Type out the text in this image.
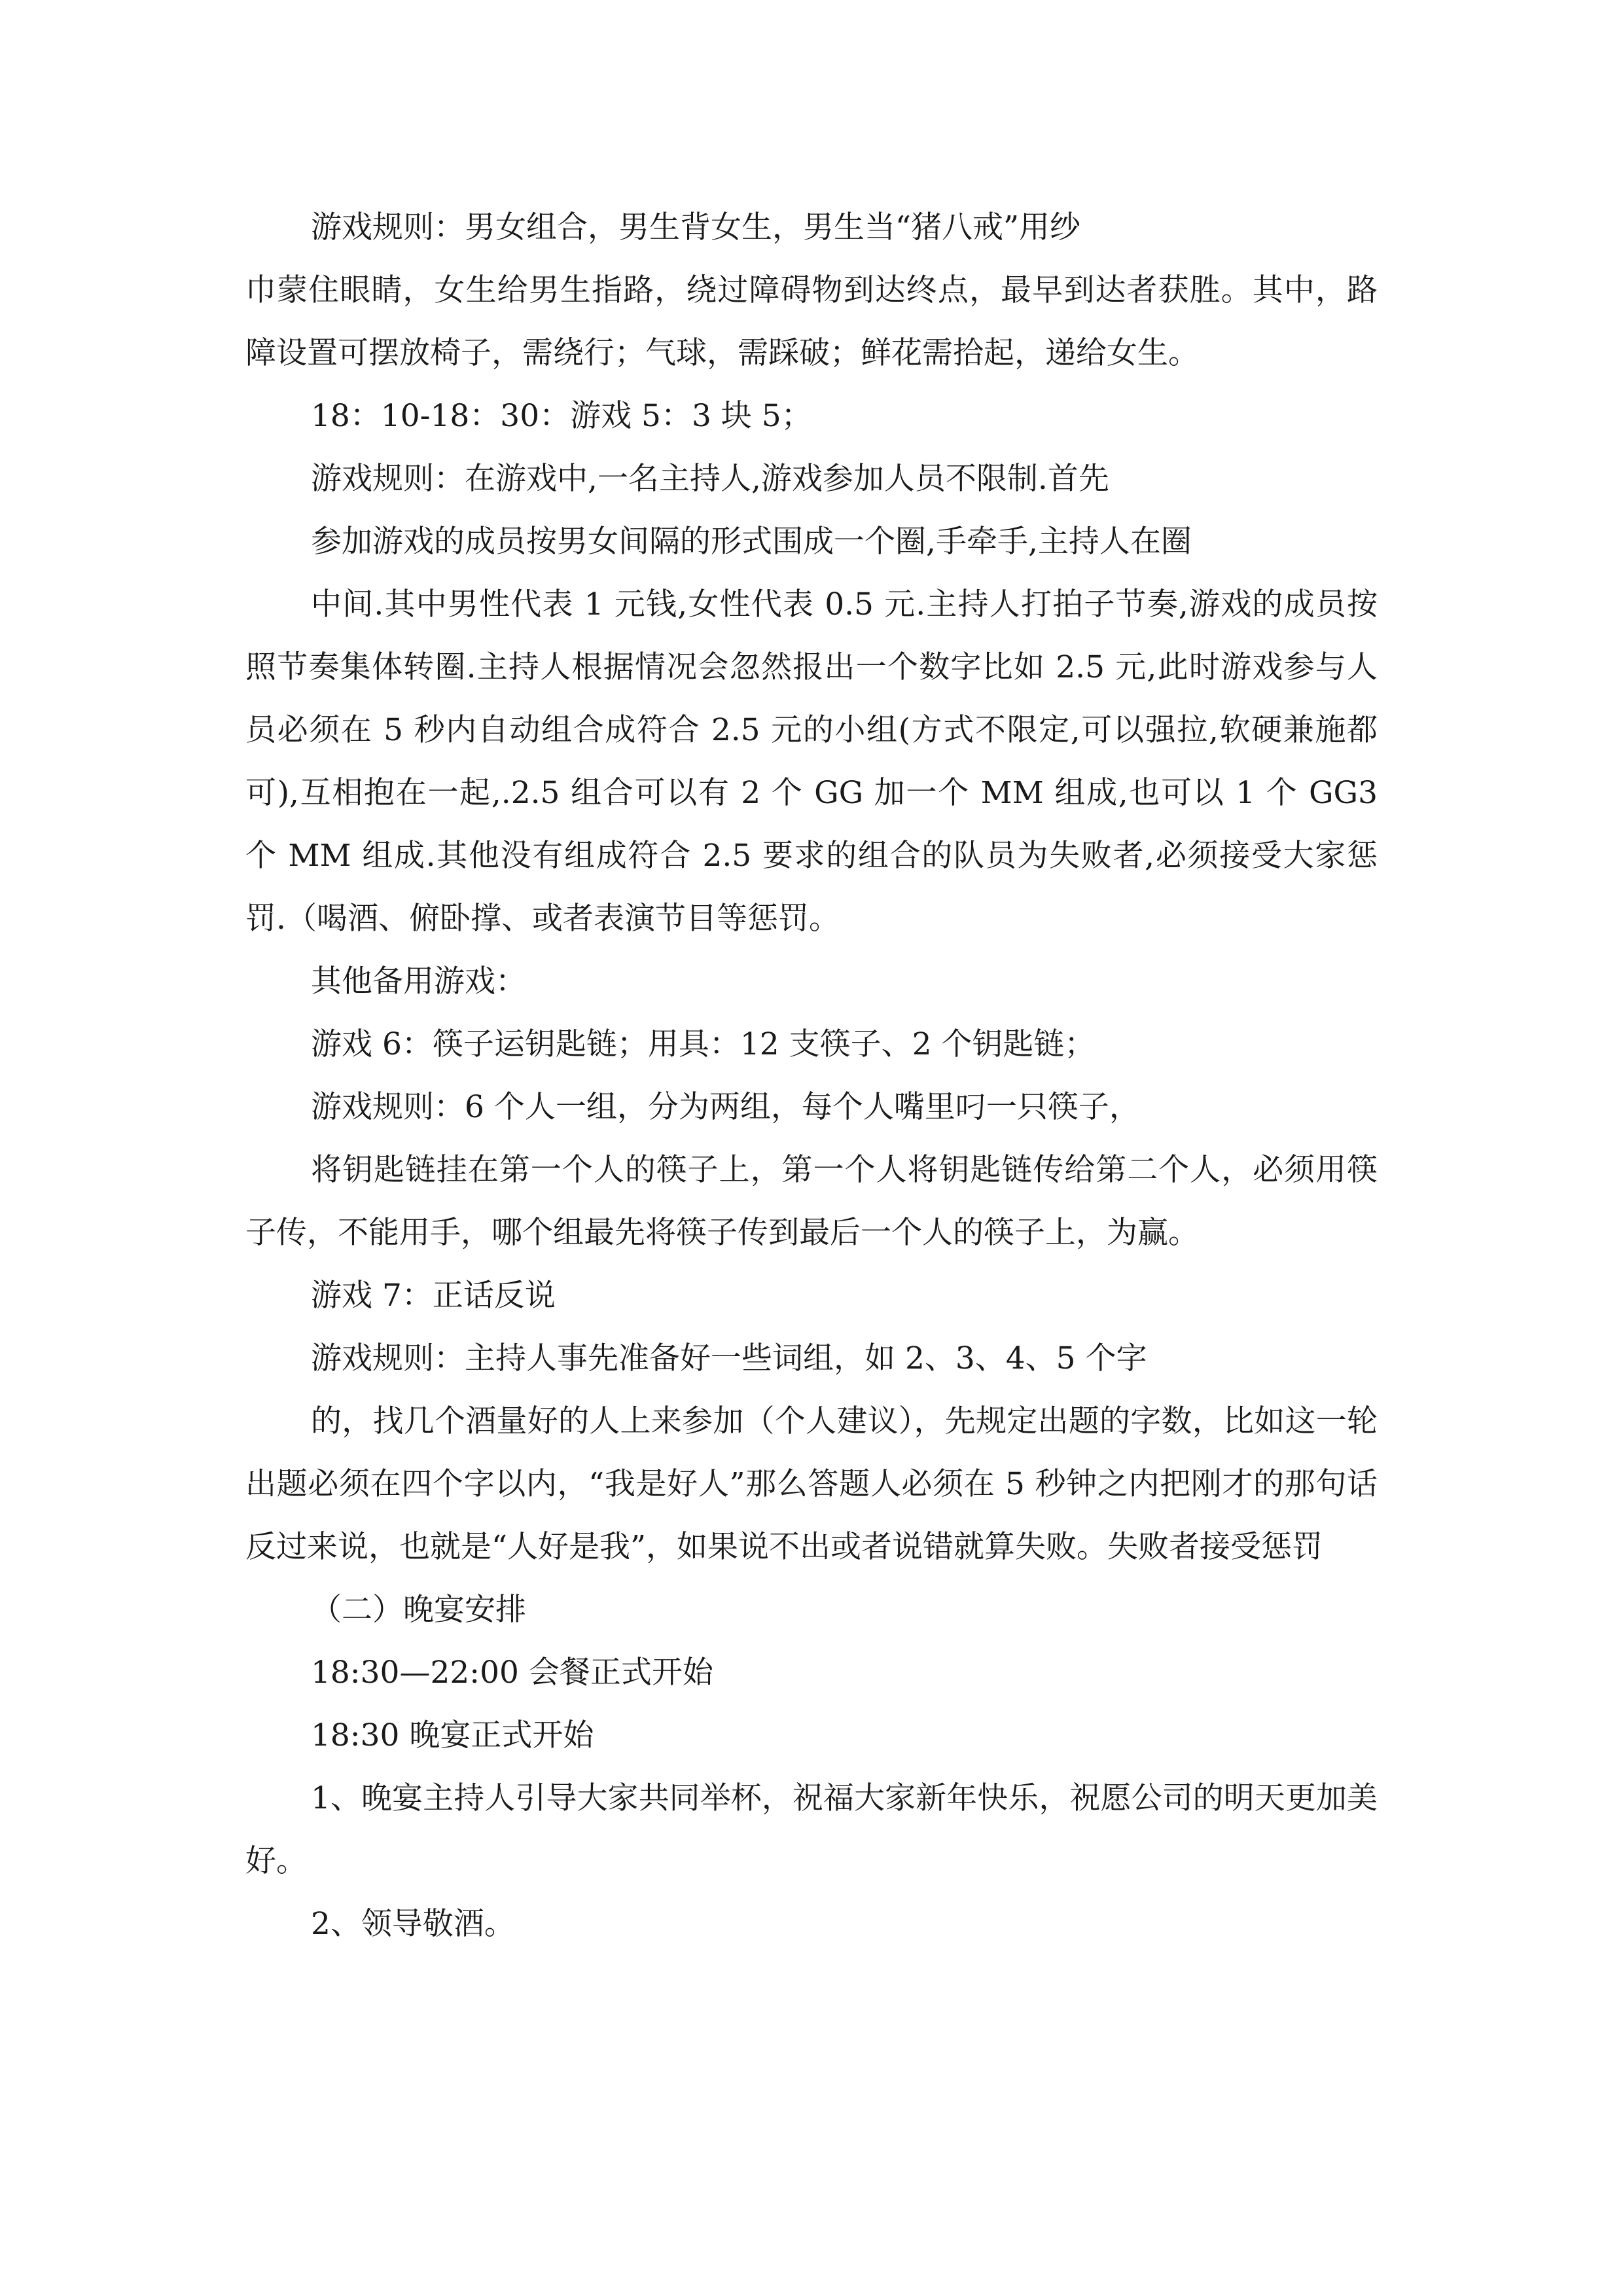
游戏规则：男女组合，男生背女生，男生当“猪八戒”用纱

巾蒙住眼睛，女生给男生指路，绕过障碍物到达终点，最早到达者获胜。其中，路障设置可摆放椅子，需绕行；气球，需踩破；鲜花需拾起，递给女生。

18：10-18：30：游戏 5：3 块 5；

游戏规则：在游戏中,一名主持人,游戏参加人员不限制.首先

参加游戏的成员按男女间隔的形式围成一个圈,手牵手,主持人在圈

中间.其中男性代表 1 元钱,女性代表 0.5 元.主持人打拍子节奏,游戏的成员按照节奏集体转圈.主持人根据情况会忽然报出一个数字比如 2.5 元,此时游戏参与人员必须在 5 秒内自动组合成符合 2.5 元的小组(方式不限定,可以强拉,软硬兼施都可),互相抱在一起,.2.5 组合可以有 2 个 GG 加一个 MM 组成,也可以 1 个 GG3 个 MM 组成.其他没有组成符合 2.5 要求的组合的队员为失败者,必须接受大家惩罚.（喝酒、俯卧撑、或者表演节目等惩罚。

其他备用游戏：

游戏 6：筷子运钥匙链；用具：12 支筷子、2 个钥匙链；

游戏规则：6 个人一组，分为两组，每个人嘴里叼一只筷子，

将钥匙链挂在第一个人的筷子上，第一个人将钥匙链传给第二个人，必须用筷子传，不能用手，哪个组最先将筷子传到最后一个人的筷子上，为赢。

游戏 7：正话反说

游戏规则：主持人事先准备好一些词组，如 2、3、4、5 个字

的，找几个酒量好的人上来参加（个人建议），先规定出题的字数，比如这一轮出题必须在四个字以内，“我是好人”那么答题人必须在 5 秒钟之内把刚才的那句话反过来说，也就是“人好是我”，如果说不出或者说错就算失败。失败者接受惩罚

（二）晚宴安排

18:30—22:00 会餐正式开始

18:30 晚宴正式开始

1、晚宴主持人引导大家共同举杯，祝福大家新年快乐，祝愿公司的明天更加美好。

2、领导敬酒。
